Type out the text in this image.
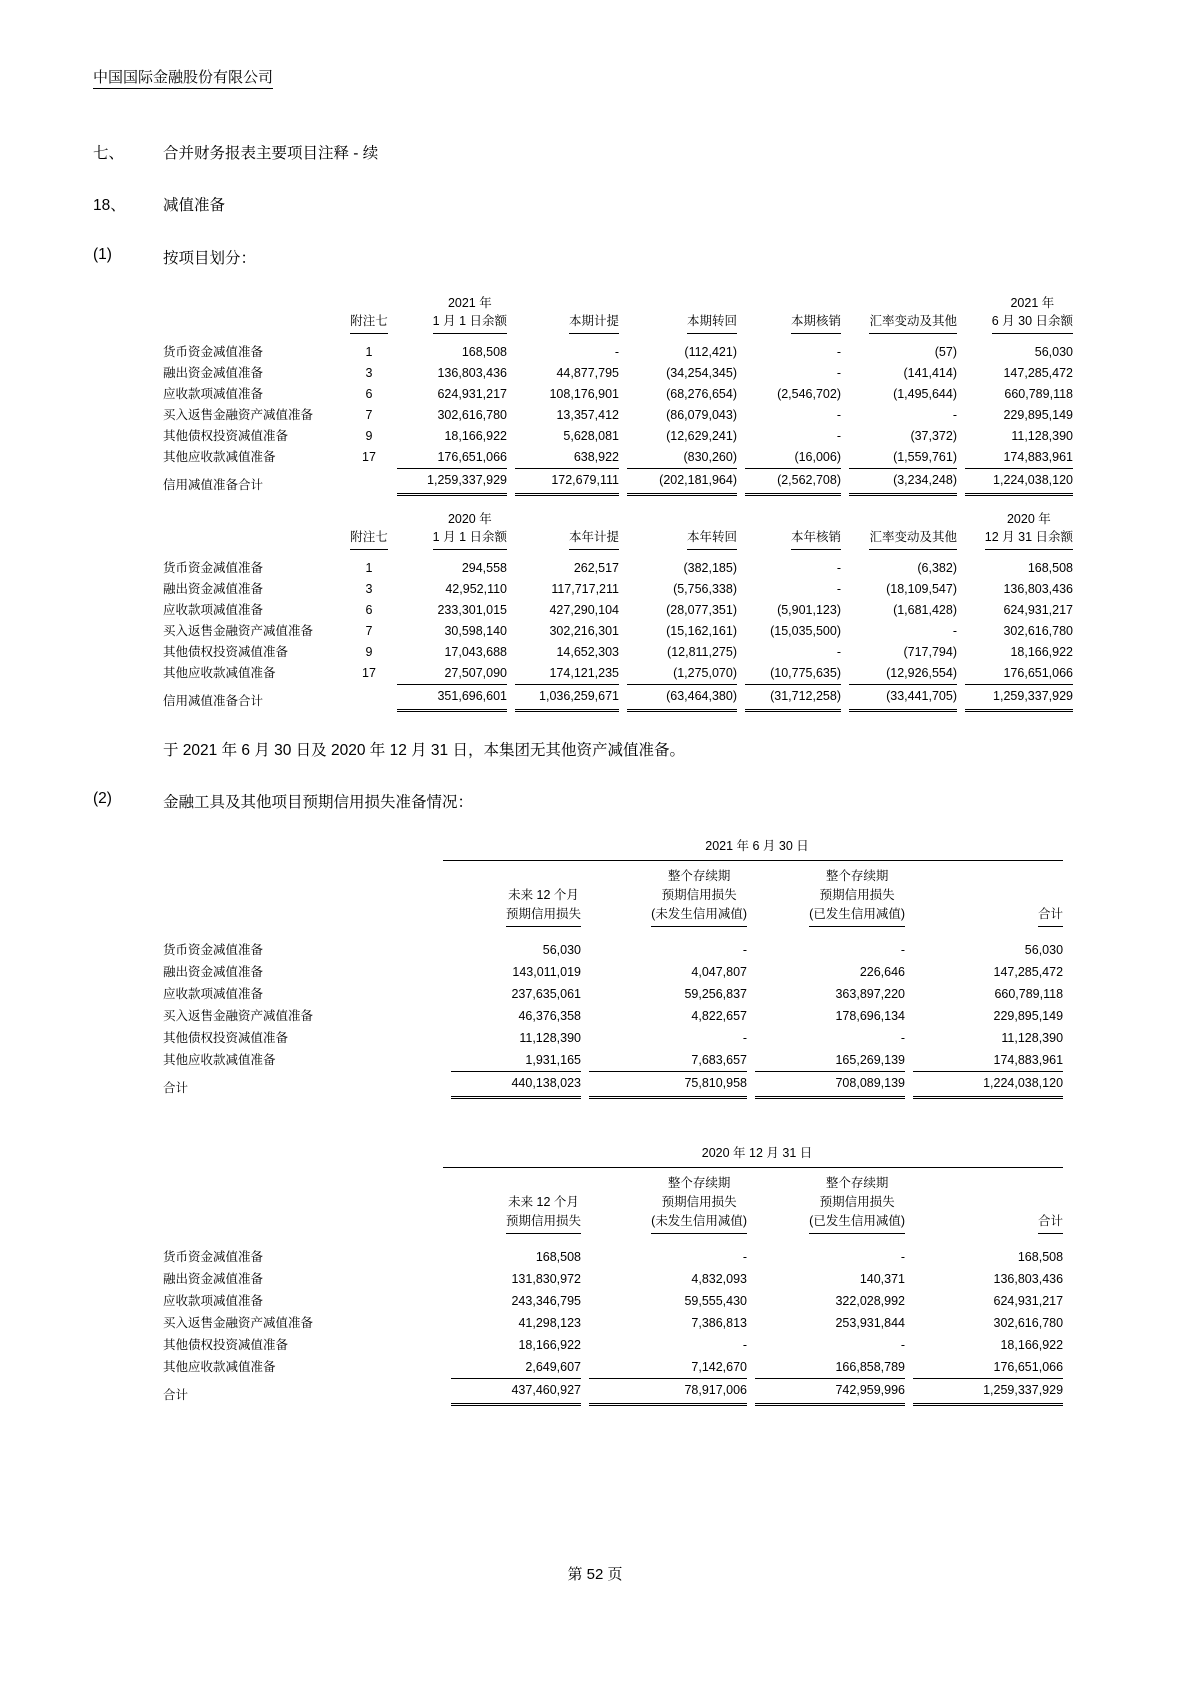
中国国际金融股份有限公司
七、	合并财务报表主要项目注释 - 续
18、	减值准备
(1)	按项目划分：
	附注七	2021 年
1 月 1 日余额	本期计提	本期转回	本期核销	汇率变动及其他	2021 年
6 月 30 日余额

货币资金减值准备	1	168,508	-	(112,421)	-	(57)	56,030
融出资金减值准备	3	136,803,436	44,877,795	(34,254,345)	-	(141,414)	147,285,472
应收款项减值准备	6	624,931,217	108,176,901	(68,276,654)	(2,546,702)	(1,495,644)	660,789,118
买入返售金融资产减值准备	7	302,616,780	13,357,412	(86,079,043)	-	-	229,895,149
其他债权投资减值准备	9	18,166,922	5,628,081	(12,629,241)	-	(37,372)	11,128,390
其他应收款减值准备	17	176,651,066	638,922	(830,260)	(16,006)	(1,559,761)	174,883,961
信用减值准备合计		1,259,337,929	172,679,111	(202,181,964)	(2,562,708)	(3,234,248)	1,224,038,120
	附注七	2020 年
1 月 1 日余额	本年计提	本年转回	本年核销	汇率变动及其他	2020 年
12 月 31 日余额

货币资金减值准备	1	294,558	262,517	(382,185)	-	(6,382)	168,508
融出资金减值准备	3	42,952,110	117,717,211	(5,756,338)	-	(18,109,547)	136,803,436
应收款项减值准备	6	233,301,015	427,290,104	(28,077,351)	(5,901,123)	(1,681,428)	624,931,217
买入返售金融资产减值准备	7	30,598,140	302,216,301	(15,162,161)	(15,035,500)	-	302,616,780
其他债权投资减值准备	9	17,043,688	14,652,303	(12,811,275)	-	(717,794)	18,166,922
其他应收款减值准备	17	27,507,090	174,121,235	(1,275,070)	(10,775,635)	(12,926,554)	176,651,066
信用减值准备合计		351,696,601	1,036,259,671	(63,464,380)	(31,712,258)	(33,441,705)	1,259,337,929
于 2021 年 6 月 30 日及 2020 年 12 月 31 日，本集团无其他资产减值准备。
(2)	金融工具及其他项目预期信用损失准备情况：
	2021 年 6 月 30 日			

	未来 12 个月
预期信用损失	整个存续期
预期信用损失
(未发生信用减值)	整个存续期
预期信用损失
(已发生信用减值)	合计
货币资金减值准备	56,030	-	-	56,030
融出资金减值准备	143,011,019	4,047,807	226,646	147,285,472
应收款项减值准备	237,635,061	59,256,837	363,897,220	660,789,118
买入返售金融资产减值准备	46,376,358	4,822,657	178,696,134	229,895,149
其他债权投资减值准备	11,128,390	-	-	11,128,390
其他应收款减值准备	1,931,165	7,683,657	165,269,139	174,883,961
合计	440,138,023	75,810,958	708,089,139	1,224,038,120
	2020 年 12 月 31 日			

	未来 12 个月
预期信用损失	整个存续期
预期信用损失
(未发生信用减值)	整个存续期
预期信用损失
(已发生信用减值)	合计
货币资金减值准备	168,508	-	-	168,508
融出资金减值准备	131,830,972	4,832,093	140,371	136,803,436
应收款项减值准备	243,346,795	59,555,430	322,028,992	624,931,217
买入返售金融资产减值准备	41,298,123	7,386,813	253,931,844	302,616,780
其他债权投资减值准备	18,166,922	-	-	18,166,922
其他应收款减值准备	2,649,607	7,142,670	166,858,789	176,651,066
合计	437,460,927	78,917,006	742,959,996	1,259,337,929
第 52 页
